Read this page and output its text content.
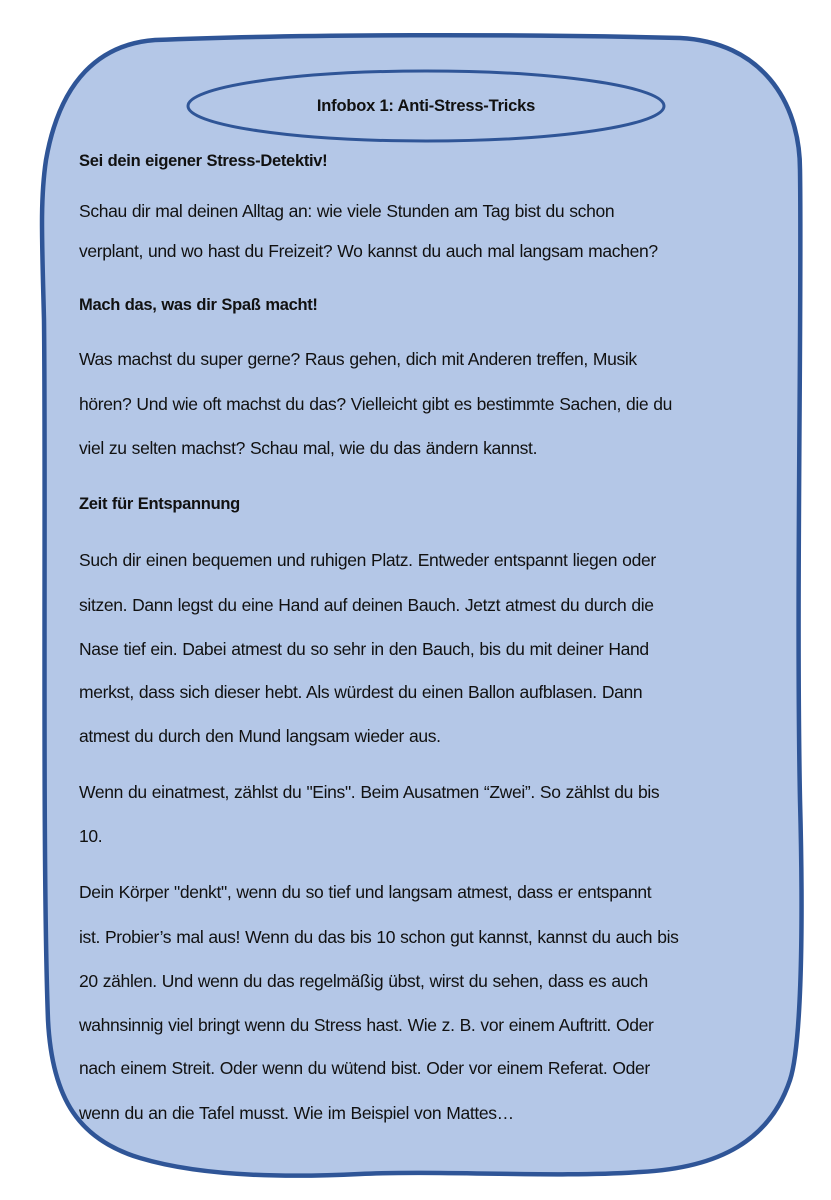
Infobox 1: Anti-Stress-Tricks
Sei dein eigener Stress-Detektiv!
Schau dir mal deinen Alltag an: wie viele Stunden am Tag bist du schon
verplant, und wo hast du Freizeit? Wo kannst du auch mal langsam machen?
Mach das, was dir Spaß macht!
Was machst du super gerne? Raus gehen, dich mit Anderen treffen, Musik
hören? Und wie oft machst du das? Vielleicht gibt es bestimmte Sachen, die du
viel zu selten machst? Schau mal, wie du das ändern kannst.
Zeit für Entspannung
Such dir einen bequemen und ruhigen Platz. Entweder entspannt liegen oder
sitzen. Dann legst du eine Hand auf deinen Bauch. Jetzt atmest du durch die
Nase tief ein. Dabei atmest du so sehr in den Bauch, bis du mit deiner Hand
merkst, dass sich dieser hebt. Als würdest du einen Ballon aufblasen. Dann
atmest du durch den Mund langsam wieder aus.
Wenn du einatmest, zählst du "Eins". Beim Ausatmen “Zwei”. So zählst du bis
10.
Dein Körper "denkt", wenn du so tief und langsam atmest, dass er entspannt
ist. Probier’s mal aus! Wenn du das bis 10 schon gut kannst, kannst du auch bis
20 zählen. Und wenn du das regelmäßig übst, wirst du sehen, dass es auch
wahnsinnig viel bringt wenn du Stress hast. Wie z. B. vor einem Auftritt. Oder
nach einem Streit. Oder wenn du wütend bist. Oder vor einem Referat. Oder
wenn du an die Tafel musst. Wie im Beispiel von Mattes…
